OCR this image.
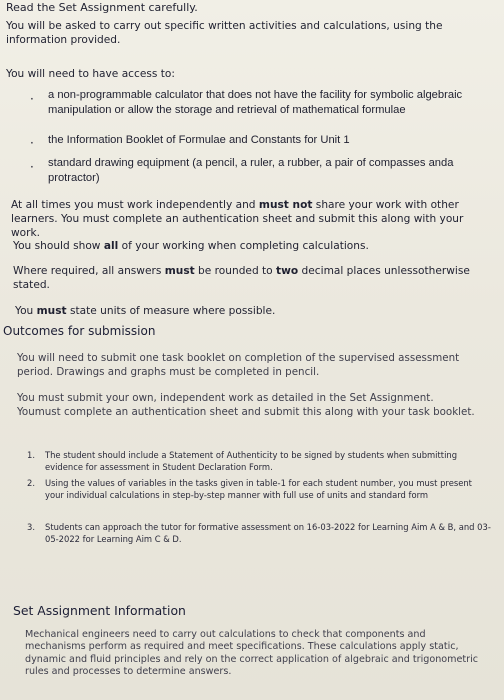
Read the Set Assignment carefully.
You will be asked to carry out specific written activities and calculations, using the information provided.
You will need to have access to:
· a non-programmable calculator that does not have the facility for symbolic algebraic manipulation or allow the storage and retrieval of mathematical formulae
· the Information Booklet of Formulae and Constants for Unit 1
· standard drawing equipment (a pencil, a ruler, a rubber, a pair of compasses anda protractor)
At all times you must work independently and must not share your work with other learners. You must complete an authentication sheet and submit this along with your work.
You should show all of your working when completing calculations.
Where required, all answers must be rounded to two decimal places unlessotherwise stated.
You must state units of measure where possible.
Outcomes for submission
You will need to submit one task booklet on completion of the supervised assessment period. Drawings and graphs must be completed in pencil.
You must submit your own, independent work as detailed in the Set Assignment. Youmust complete an authentication sheet and submit this along with your task booklet.
1. The student should include a Statement of Authenticity to be signed by students when submitting evidence for assessment in Student Declaration Form.
2. Using the values of variables in the tasks given in table-1 for each student number, you must present your individual calculations in step-by-step manner with full use of units and standard form
3. Students can approach the tutor for formative assessment on 16-03-2022 for Learning Aim A & B, and 03-05-2022 for Learning Aim C & D.
Set Assignment Information
Mechanical engineers need to carry out calculations to check that components and mechanisms perform as required and meet specifications. These calculations apply static, dynamic and fluid principles and rely on the correct application of algebraic and trigonometric rules and processes to determine answers.
